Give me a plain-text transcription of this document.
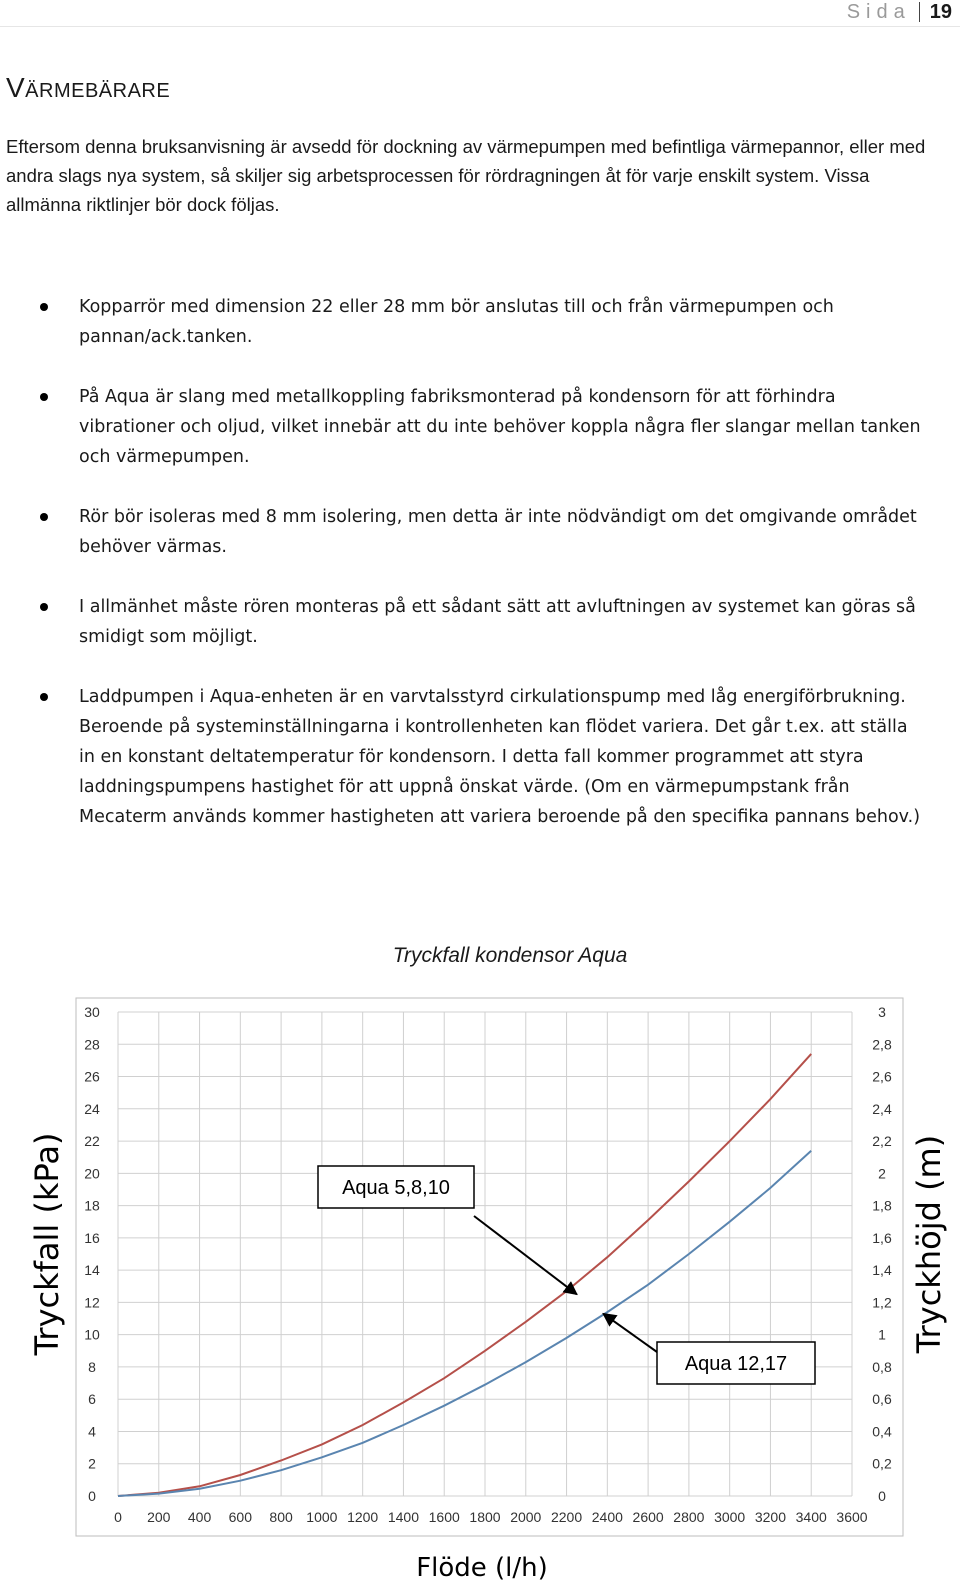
Sida 19
Värmebärare

Eftersom denna bruksanvisning är avsedd för dockning av värmepumpen med befintliga värmepannor, eller med andra slags nya system, så skiljer sig arbetsprocessen för rördragningen åt för varje enskilt system. Vissa allmänna riktlinjer bör dock följas.

Kopparrör med dimension 22 eller 28 mm bör anslutas till och från värmepumpen och pannan/ack.tanken.
På Aqua är slang med metallkoppling fabriksmonterad på kondensorn för att förhindra vibrationer och oljud, vilket innebär att du inte behöver koppla några fler slangar mellan tanken och värmepumpen.
Rör bör isoleras med 8 mm isolering, men detta är inte nödvändigt om det omgivande området behöver värmas.
I allmänhet måste rören monteras på ett sådant sätt att avluftningen av systemet kan göras så smidigt som möjligt.
Laddpumpen i Aqua-enheten är en varvtalsstyrd cirkulationspump med låg energiförbrukning. Beroende på systeminställningarna i kontrollenheten kan flödet variera. Det går t.ex. att ställa in en konstant deltatemperatur för kondensorn. I detta fall kommer programmet att styra laddningspumpens hastighet för att uppnå önskat värde. (Om en värmepumpstank från Mecaterm används kommer hastigheten att variera beroende på den specifika pannans behov.)
Tryckfall kondensor Aqua
0	0
2	0,2
4	0,4
6	0,6
8	0,8
10	1
12	1,2
14	1,4
16	1,6
18	1,8
20	2
22	2,2
24	2,4
26	2,6
28	2,8
30	3
0 200 400 600 800 1000 1200 1400 1600 1800 2000 2200 2400 2600 2800 3000 3200 3400 3600
Aqua 5,8,10
Aqua 12,17
Tryckfall (kPa)	Tryckhöjd (m)
Flöde (l/h)
